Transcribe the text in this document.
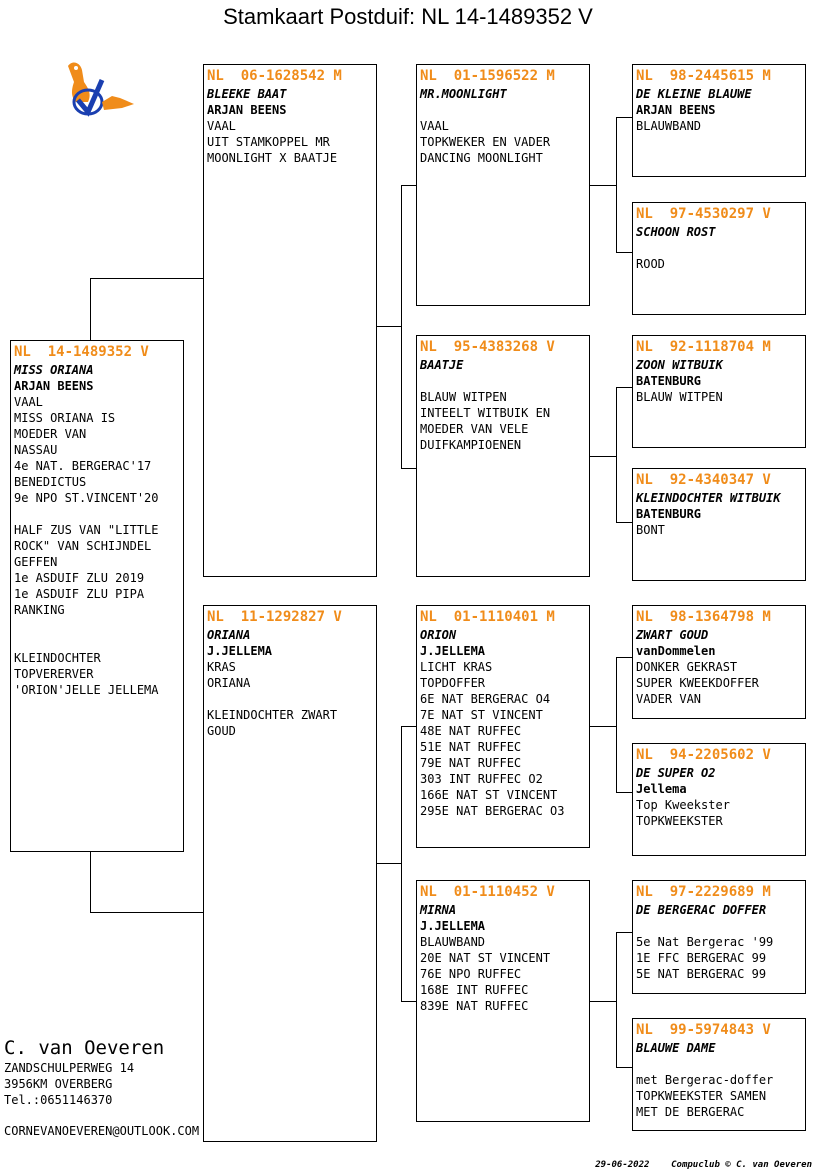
Stamkaart Postduif: NL 14-1489352 V
NL  14-1489352 V
MISS ORIANA
ARJAN BEENS
VAAL
MISS ORIANA IS
MOEDER VAN
NASSAU
4e NAT. BERGERAC'17
BENEDICTUS
9e NPO ST.VINCENT'20

HALF ZUS VAN "LITTLE
ROCK" VAN SCHIJNDEL
GEFFEN
1e ASDUIF ZLU 2019
1e ASDUIF ZLU PIPA
RANKING

KLEINDOCHTER
TOPVERERVER
'ORION'JELLE JELLEMA
NL  06-1628542 M
BLEEKE BAAT
ARJAN BEENS
VAAL
UIT STAMKOPPEL MR
MOONLIGHT X BAATJE
NL  11-1292827 V
ORIANA
J.JELLEMA
KRAS
ORIANA

KLEINDOCHTER ZWART
GOUD
NL  01-1596522 M
MR.MOONLIGHT
VAAL
TOPKWEKER EN VADER
DANCING MOONLIGHT
NL  95-4383268 V
BAATJE
BLAUW WITPEN
INTEELT WITBUIK EN
MOEDER VAN VELE
DUIFKAMPIOENEN
NL  01-1110401 M
ORION
J.JELLEMA
LICHT KRAS
TOPDOFFER
6E NAT BERGERAC O4
7E NAT ST VINCENT
48E NAT RUFFEC
51E NAT RUFFEC
79E NAT RUFFEC
303 INT RUFFEC O2
166E NAT ST VINCENT
295E NAT BERGERAC O3
NL  01-1110452 V
MIRNA
J.JELLEMA
BLAUWBAND
20E NAT ST VINCENT
76E NPO RUFFEC
168E INT RUFFEC
839E NAT RUFFEC
NL  98-2445615 M
DE KLEINE BLAUWE
ARJAN BEENS
BLAUWBAND
NL  97-4530297 V
SCHOON ROST
ROOD
NL  92-1118704 M
ZOON WITBUIK
BATENBURG
BLAUW WITPEN
NL  92-4340347 V
KLEINDOCHTER WITBUIK
BATENBURG
BONT
NL  98-1364798 M
ZWART GOUD
vanDommelen
DONKER GEKRAST
SUPER KWEEKDOFFER
VADER VAN
NL  94-2205602 V
DE SUPER O2
Jellema
Top Kweekster
TOPKWEEKSTER
NL  97-2229689 M
DE BERGERAC DOFFER
5e Nat Bergerac '99
1E FFC BERGERAC 99
5E NAT BERGERAC 99
NL  99-5974843 V
BLAUWE DAME
met Bergerac-doffer
TOPKWEEKSTER SAMEN
MET DE BERGERAC
C. van Oeveren
ZANDSCHULPERWEG 14
3956KM OVERBERG
Tel.:0651146370
CORNEVANOEVEREN@OUTLOOK.COM
29-06-2022 Compuclub © C. van Oeveren
